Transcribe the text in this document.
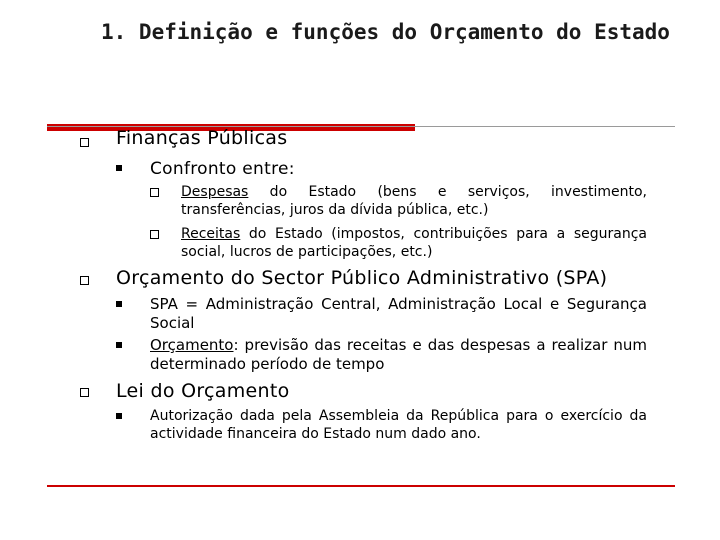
1. Definição e funções do Orçamento do Estado
Finanças Públicas
Confronto entre:
Despesas do Estado (bens e serviços, investimento, transferências, juros da dívida pública, etc.)
Receitas do Estado (impostos, contribuições para a segurança social, lucros de participações, etc.)
Orçamento do Sector Público Administrativo (SPA)
SPA = Administração Central, Administração Local e Segurança Social
Orçamento: previsão das receitas e das despesas a realizar num determinado período de tempo
Lei do Orçamento
Autorização dada pela Assembleia da República para o exercício da actividade financeira do Estado num dado ano.
